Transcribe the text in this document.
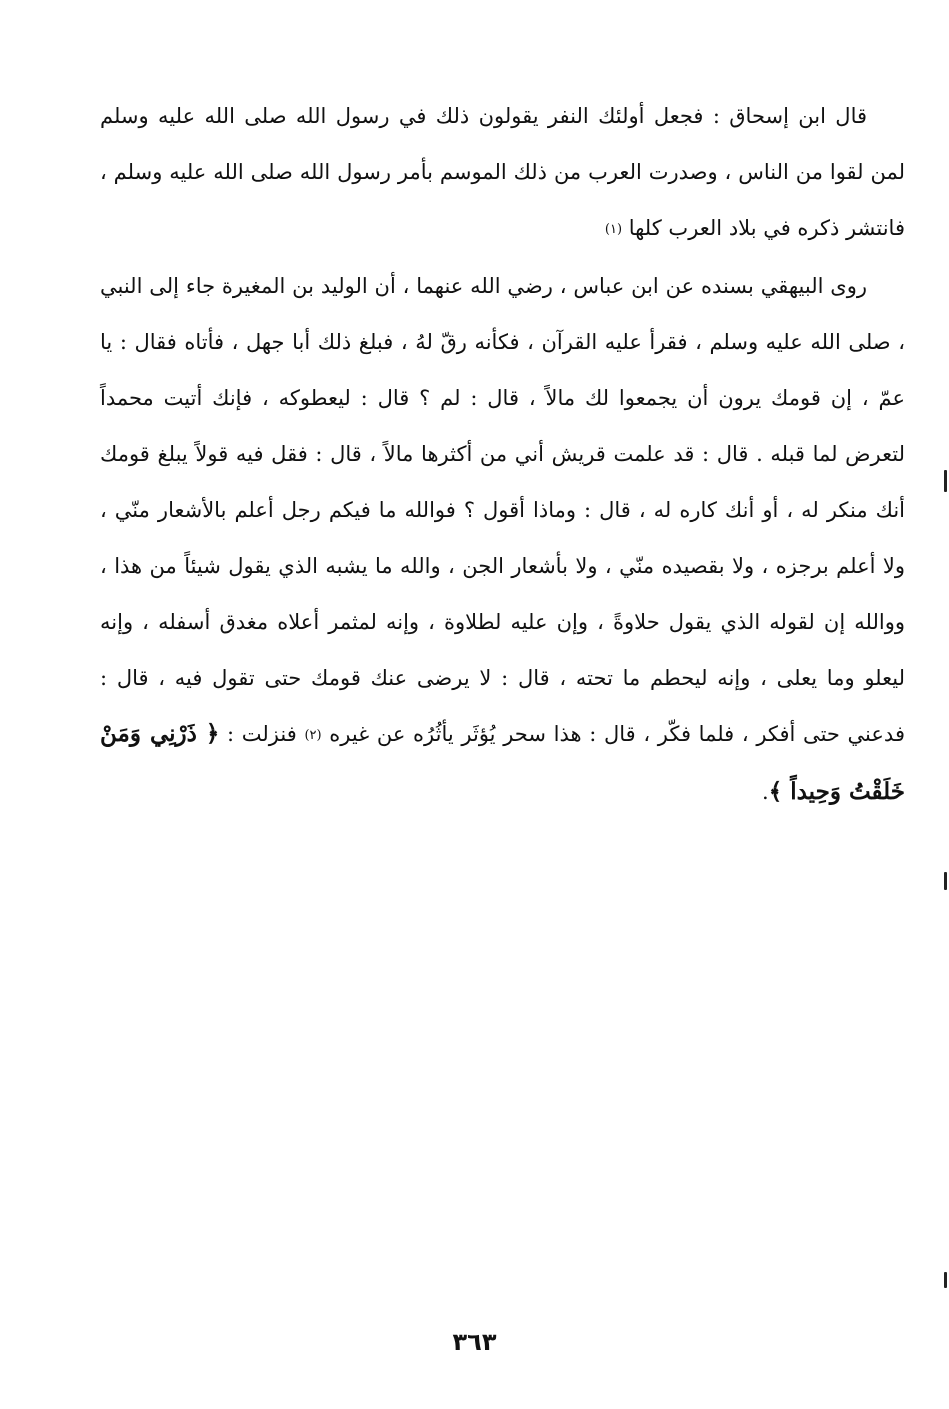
قال ابن إسحاق : فجعل أولئك النفر يقولون ذلك في رسول الله صلى الله عليه وسلم لمن لقوا من الناس ، وصدرت العرب من ذلك الموسم بأمر رسول الله صلى الله عليه وسلم ، فانتشر ذكره في بلاد العرب كلها (١)

روى البيهقي بسنده عن ابن عباس ، رضي الله عنهما ، أن الوليد بن المغيرة جاء إلى النبي ، صلى الله عليه وسلم ، فقرأ عليه القرآن ، فكأنه رقّ لهُ ، فبلغ ذلك أبا جهل ، فأتاه فقال : يا عمّ ، إن قومك يرون أن يجمعوا لك مالاً ، قال : لم ؟ قال : ليعطوكه ، فإنك أتيت محمداً لتعرض لما قبله . قال : قد علمت قريش أني من أكثرها مالاً ، قال : فقل فيه قولاً يبلغ قومك أنك منكر له ، أو أنك كاره له ، قال : وماذا أقول ؟ فوالله ما فيكم رجل أعلم بالأشعار منّي ، ولا أعلم برجزه ، ولا بقصيده منّي ، ولا بأشعار الجن ، والله ما يشبه الذي يقول شيئاً من هذا ، ووالله إن لقوله الذي يقول حلاوةً ، وإن عليه لطلاوة ، وإنه لمثمر أعلاه مغدق أسفله ، وإنه ليعلو وما يعلى ، وإنه ليحطم ما تحته ، قال : لا يرضى عنك قومك حتى تقول فيه ، قال : فدعني حتى أفكر ، فلما فكّر ، قال : هذا سحر يُؤثَر يأثُرُه عن غيره (٢) فنزلت : ﴿ ذَرْنِي وَمَنْ خَلَقْتُ وَحِيداً ﴾.

٣٦٣
